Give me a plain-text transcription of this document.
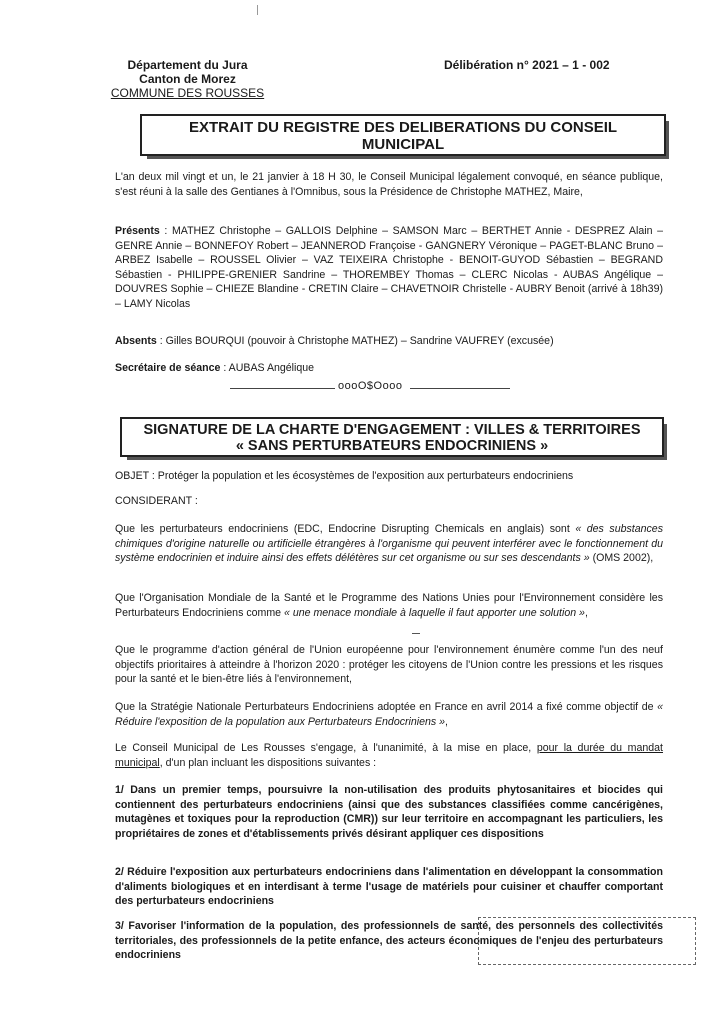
Département du Jura
Canton de Morez
COMMUNE DES ROUSSES
Délibération n° 2021 – 1 - 002
EXTRAIT DU REGISTRE DES DELIBERATIONS DU CONSEIL
MUNICIPAL
L'an deux mil vingt et un, le 21 janvier à 18 H 30, le Conseil Municipal légalement convoqué, en séance publique, s'est réuni à la salle des Gentianes à l'Omnibus, sous la Présidence de Christophe MATHEZ, Maire,
Présents : MATHEZ Christophe – GALLOIS Delphine – SAMSON Marc – BERTHET Annie - DESPREZ Alain – GENRE Annie – BONNEFOY Robert – JEANNEROD Françoise - GANGNERY Véronique – PAGET-BLANC Bruno – ARBEZ Isabelle – ROUSSEL Olivier – VAZ TEIXEIRA Christophe - BENOIT-GUYOD Sébastien – BEGRAND Sébastien - PHILIPPE-GRENIER Sandrine – THOREMBEY Thomas – CLERC Nicolas - AUBAS Angélique – DOUVRES Sophie – CHIEZE Blandine - CRETIN Claire – CHAVETNOIR Christelle - AUBRY Benoit (arrivé à 18h39) – LAMY Nicolas
Absents : Gilles BOURQUI (pouvoir à Christophe MATHEZ) – Sandrine VAUFREY (excusée)
Secrétaire de séance : AUBAS Angélique
oooO$Oooo
SIGNATURE DE LA CHARTE D'ENGAGEMENT : VILLES & TERRITOIRES
« SANS PERTURBATEURS ENDOCRINIENS »
OBJET : Protéger la population et les écosystèmes de l'exposition aux perturbateurs endocriniens
CONSIDERANT :
Que les perturbateurs endocriniens (EDC, Endocrine Disrupting Chemicals en anglais) sont « des substances chimiques d'origine naturelle ou artificielle étrangères à l'organisme qui peuvent interférer avec le fonctionnement du système endocrinien et induire ainsi des effets délétères sur cet organisme ou sur ses descendants » (OMS 2002),
Que l'Organisation Mondiale de la Santé et le Programme des Nations Unies pour l'Environnement considère les Perturbateurs Endocriniens comme « une menace mondiale à laquelle il faut apporter une solution »,
Que le programme d'action général de l'Union européenne pour l'environnement énumère comme l'un des neuf objectifs prioritaires à atteindre à l'horizon 2020 : protéger les citoyens de l'Union contre les pressions et les risques pour la santé et le bien-être liés à l'environnement,
Que la Stratégie Nationale Perturbateurs Endocriniens adoptée en France en avril 2014 a fixé comme objectif de « Réduire l'exposition de la population aux Perturbateurs Endocriniens »,
Le Conseil Municipal de Les Rousses s'engage, à l'unanimité, à la mise en place, pour la durée du mandat municipal, d'un plan incluant les dispositions suivantes :
1/ Dans un premier temps, poursuivre la non-utilisation des produits phytosanitaires et biocides qui contiennent des perturbateurs endocriniens (ainsi que des substances classifiées comme cancérigènes, mutagènes et toxiques pour la reproduction (CMR)) sur leur territoire en accompagnant les particuliers, les propriétaires de zones et d'établissements privés désirant appliquer ces dispositions
2/ Réduire l'exposition aux perturbateurs endocriniens dans l'alimentation en développant la consommation d'aliments biologiques et en interdisant à terme l'usage de matériels pour cuisiner et chauffer comportant des perturbateurs endocriniens
3/ Favoriser l'information de la population, des professionnels de santé, des personnels des collectivités territoriales, des professionnels de la petite enfance, des acteurs économiques de l'enjeu des perturbateurs endocriniens
